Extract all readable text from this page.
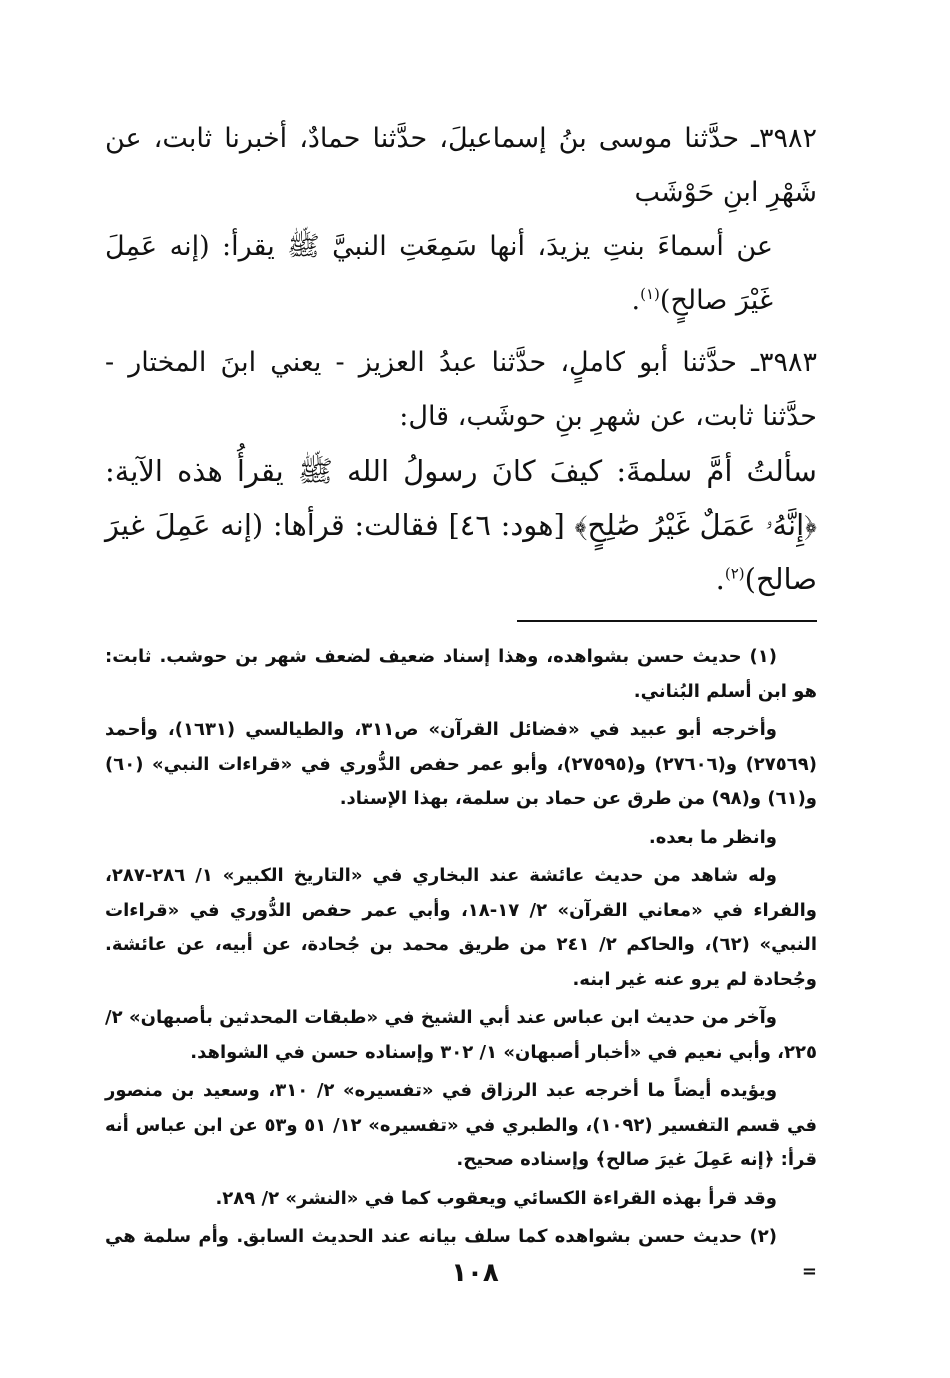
٣٩٨٢ـ حدَّثنا موسى بنُ إسماعيلَ، حدَّثنا حمادٌ، أخبرنا ثابت، عن شَهْرِ ابنِ حَوْشَب

عن أسماءَ بنتِ يزيدَ، أنها سَمِعَتِ النبيَّ ﷺ يقرأ: (إنه عَمِلَ غَيْرَ صالحٍ)$^{(١)}$.

٣٩٨٣ـ حدَّثنا أبو كاملٍ، حدَّثنا عبدُ العزيز - يعني ابنَ المختار - حدَّثنا ثابت، عن شهرِ بنِ حوشَب، قال:

سألتُ أمَّ سلمةَ: كيفَ كانَ رسولُ الله ﷺ يقرأُ هذه الآية: ﴿إِنَّهُۥ عَمَلٌ غَيْرُ صَٰلِحٍ﴾ [هود: ٤٦] فقالت: قرأها: (إنه عَمِلَ غيرَ صالح)$^{(٢)}$.

(١) حديث حسن بشواهده، وهذا إسناد ضعيف لضعف شهر بن حوشب. ثابت: هو ابن أسلم البُناني.

وأخرجه أبو عبيد في «فضائل القرآن» ص٣١١، والطيالسي (١٦٣١)، وأحمد (٢٧٥٦٩) و(٢٧٦٠٦) و(٢٧٥٩٥)، وأبو عمر حفص الدُّوري في «قراءات النبي» (٦٠) و(٦١) و(٩٨) من طرق عن حماد بن سلمة، بهذا الإسناد.

وانظر ما بعده.

وله شاهد من حديث عائشة عند البخاري في «التاريخ الكبير» ١/ ٢٨٦-٢٨٧، والفراء في «معاني القرآن» ٢/ ١٧-١٨، وأبي عمر حفص الدُّوري في «قراءات النبي» (٦٢)، والحاكم ٢/ ٢٤١ من طريق محمد بن جُحادة، عن أبيه، عن عائشة. وجُحادة لم يرو عنه غير ابنه.

وآخر من حديث ابن عباس عند أبي الشيخ في «طبقات المحدثين بأصبهان» ٢/ ٢٢٥، وأبي نعيم في «أخبار أصبهان» ١/ ٣٠٢ وإسناده حسن في الشواهد.

ويؤيده أيضاً ما أخرجه عبد الرزاق في «تفسيره» ٢/ ٣١٠، وسعيد بن منصور في قسم التفسير (١٠٩٢)، والطبري في «تفسيره» ١٢/ ٥١ و٥٣ عن ابن عباس أنه قرأ: ﴿إنه عَمِلَ غيرَ صالح﴾ وإسناده صحيح.

وقد قرأ بهذه القراءة الكسائي ويعقوب كما في «النشر» ٢/ ٢٨٩.

(٢) حديث حسن بشواهده كما سلف بيانه عند الحديث السابق. وأم سلمة هي =

١٠٨
